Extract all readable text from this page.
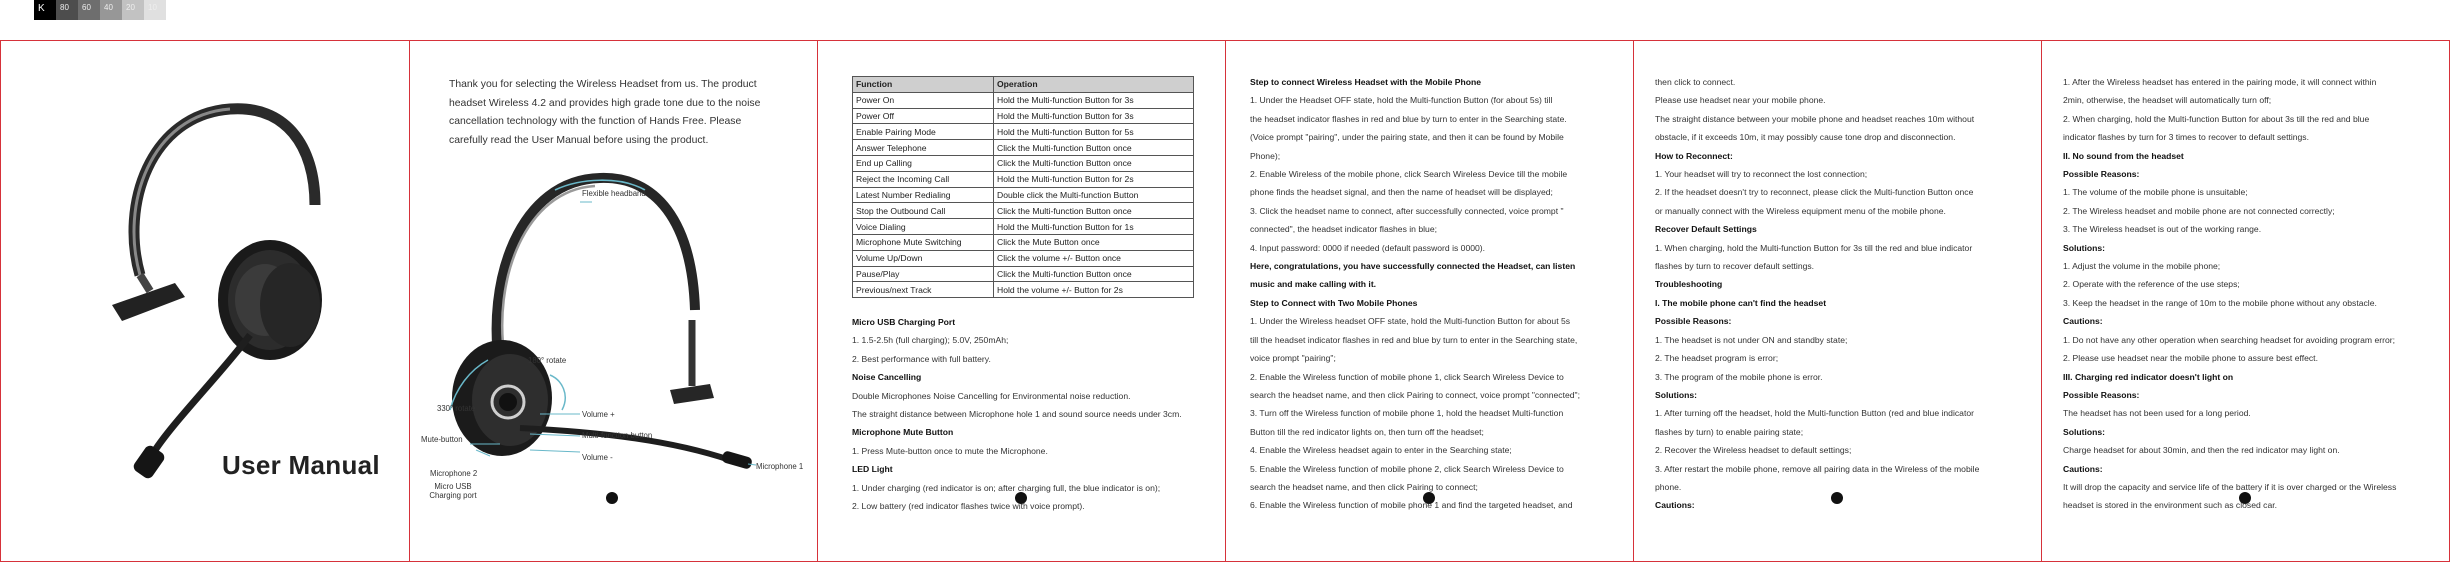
K	80	60	40	20	10
User Manual
Thank you for selecting the Wireless Headset from us. The product
headset Wireless 4.2 and provides high grade tone due to the noise
cancellation technology with the function of Hands Free. Please
carefully read the User Manual before using the product.
Flexible headband
180° rotate
330° rotate
Volume +
Mute-button	Multi-function button
Volume -
Microphone 2
Micro USB Charging port
Microphone 1
Function	Operation
Power On	Hold the Multi-function Button for 3s
Power Off	Hold the Multi-function Button for 3s
Enable Pairing Mode	Hold the Multi-function Button for 5s
Answer Telephone	Click the Multi-function Button once
End up Calling	Click the Multi-function Button once
Reject the Incoming Call	Hold the Multi-function Button for 2s
Latest Number Redialing	Double click the Multi-function Button
Stop the Outbound Call	Click the Multi-function Button once
Voice Dialing	Hold the Multi-function Button for 1s
Microphone Mute Switching	Click the Mute Button once
Volume Up/Down	Click the volume +/- Button once
Pause/Play	Click the Multi-function Button once
Previous/next Track	Hold the volume +/- Button for 2s
Micro USB Charging Port
1. 1.5-2.5h (full charging); 5.0V, 250mAh;
2. Best performance with full battery.
Noise Cancelling
Double Microphones Noise Cancelling for Environmental noise reduction.
The straight distance between Microphone hole 1 and sound source needs under 3cm.
Microphone Mute Button
1. Press Mute-button once to mute the Microphone.
LED Light
1. Under charging (red indicator is on; after charging full, the blue indicator is on);
2. Low battery (red indicator flashes twice with voice prompt).
Step to connect Wireless Headset with the Mobile Phone
1. Under the Headset OFF state, hold the Multi-function Button (for about 5s) till
the headset indicator flashes in red and blue by turn to enter in the Searching state.
(Voice prompt "pairing", under the pairing state, and then it can be found by Mobile
Phone);
2. Enable Wireless of the mobile phone, click Search Wireless Device till the mobile
phone finds the headset signal, and then the name of headset will be displayed;
3. Click the headset name to connect, after successfully connected, voice prompt "
connected", the headset indicator flashes in blue;
4. Input password: 0000 if needed (default password is 0000).
Here, congratulations, you have successfully connected the Headset, can listen
music and make calling with it.
Step to Connect with Two Mobile Phones
1. Under the Wireless headset OFF state, hold the Multi-function Button for about 5s
till the headset indicator flashes in red and blue by turn to enter in the Searching state,
voice prompt "pairing";
2. Enable the Wireless function of mobile phone 1, click Search Wireless Device to
search the headset name, and then click Pairing to connect, voice prompt "connected";
3. Turn off the Wireless function of mobile phone 1, hold the headset Multi-function
Button till the red indicator lights on, then turn off the headset;
4. Enable the Wireless headset again to enter in the Searching state;
5. Enable the Wireless function of mobile phone 2, click Search Wireless Device to
search the headset name, and then click Pairing to connect;
6. Enable the Wireless function of mobile phone 1 and find the targeted headset, and
then click to connect.
Please use headset near your mobile phone.
The straight distance between your mobile phone and headset reaches 10m without
obstacle, if it exceeds 10m, it may possibly cause tone drop and disconnection.
How to Reconnect:
1. Your headset will try to reconnect the lost connection;
2. If the headset doesn't try to reconnect, please click the Multi-function Button once
or manually connect with the Wireless equipment menu of the mobile phone.
Recover Default Settings
1. When charging, hold the Multi-function Button for 3s till the red and blue indicator
flashes by turn to recover default settings.
Troubleshooting
I. The mobile phone can't find the headset
Possible Reasons:
1. The headset is not under ON and standby state;
2. The headset program is error;
3. The program of the mobile phone is error.
Solutions:
1. After turning off the headset, hold the Multi-function Button (red and blue indicator
flashes by turn) to enable pairing state;
2. Recover the Wireless headset to default settings;
3. After restart the mobile phone, remove all pairing data in the Wireless of the mobile
phone.
Cautions:
1. After the Wireless headset has entered in the pairing mode, it will connect within
2min, otherwise, the headset will automatically turn off;
2. When charging, hold the Multi-function Button for about 3s till the red and blue
indicator flashes by turn for 3 times to recover to default settings.
II. No sound from the headset
Possible Reasons:
1. The volume of the mobile phone is unsuitable;
2. The Wireless headset and mobile phone are not connected correctly;
3. The Wireless headset is out of the working range.
Solutions:
1. Adjust the volume in the mobile phone;
2. Operate with the reference of the use steps;
3. Keep the headset in the range of 10m to the mobile phone without any obstacle.
Cautions:
1. Do not have any other operation when searching headset for avoiding program error;
2. Please use headset near the mobile phone to assure best effect.
III. Charging red indicator doesn't light on
Possible Reasons:
The headset has not been used for a long period.
Solutions:
Charge headset for about 30min, and then the red indicator may light on.
Cautions:
It will drop the capacity and service life of the battery if it is over charged or the Wireless
headset is stored in the environment such as closed car.
